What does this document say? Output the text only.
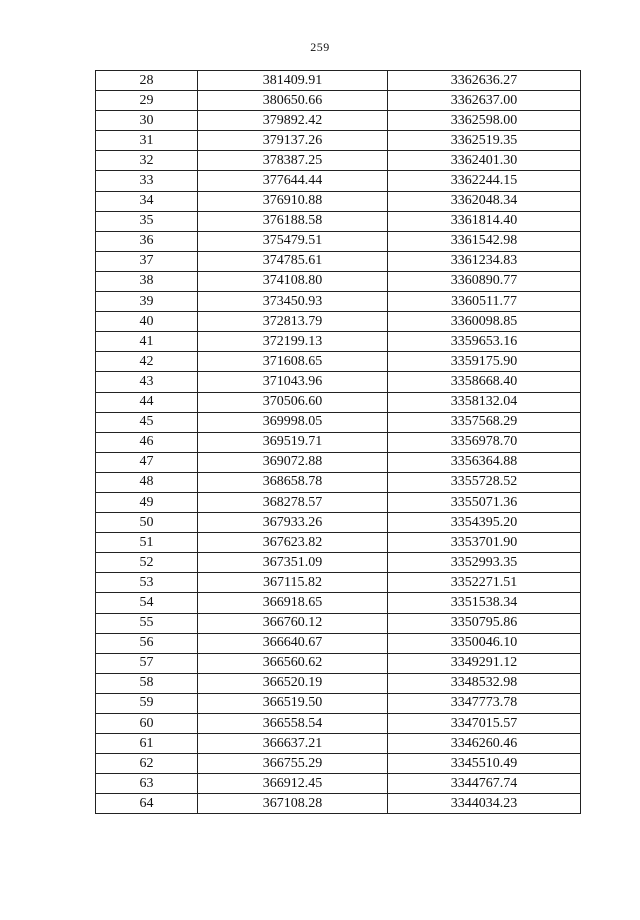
259
28	381409.91	3362636.27
29	380650.66	3362637.00
30	379892.42	3362598.00
31	379137.26	3362519.35
32	378387.25	3362401.30
33	377644.44	3362244.15
34	376910.88	3362048.34
35	376188.58	3361814.40
36	375479.51	3361542.98
37	374785.61	3361234.83
38	374108.80	3360890.77
39	373450.93	3360511.77
40	372813.79	3360098.85
41	372199.13	3359653.16
42	371608.65	3359175.90
43	371043.96	3358668.40
44	370506.60	3358132.04
45	369998.05	3357568.29
46	369519.71	3356978.70
47	369072.88	3356364.88
48	368658.78	3355728.52
49	368278.57	3355071.36
50	367933.26	3354395.20
51	367623.82	3353701.90
52	367351.09	3352993.35
53	367115.82	3352271.51
54	366918.65	3351538.34
55	366760.12	3350795.86
56	366640.67	3350046.10
57	366560.62	3349291.12
58	366520.19	3348532.98
59	366519.50	3347773.78
60	366558.54	3347015.57
61	366637.21	3346260.46
62	366755.29	3345510.49
63	366912.45	3344767.74
64	367108.28	3344034.23
